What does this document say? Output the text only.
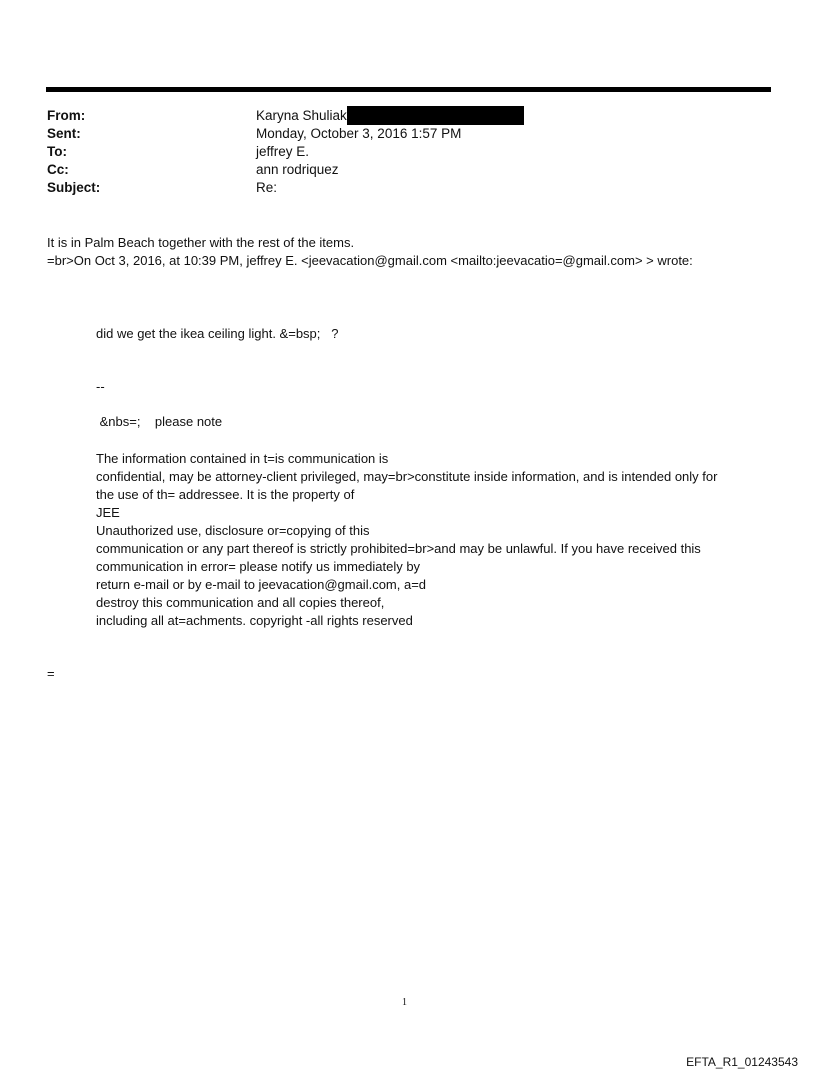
From:	Karyna Shuliak
Sent:	Monday, October 3, 2016 1:57 PM
To:	jeffrey E.
Cc:	ann rodriquez
Subject:	Re:
It is in Palm Beach together with the rest of the items.
=br>On Oct 3, 2016, at 10:39 PM, jeffrey E. <jeevacation@gmail.com <mailto:jeevacatio=@gmail.com> > wrote:
did we get the ikea ceiling light. &=bsp;   ?
--
&nbs=;    please note
The information contained in t=is communication is
confidential, may be attorney-client privileged, may=br>constitute inside information, and is intended only for
the use of th= addressee. It is the property of
JEE
Unauthorized use, disclosure or=copying of this
communication or any part thereof is strictly prohibited=br>and may be unlawful. If you have received this
communication in error= please notify us immediately by
return e-mail or by e-mail to jeevacation@gmail.com, a=d
destroy this communication and all copies thereof,
including all at=achments. copyright -all rights reserved
=
1
EFTA_R1_01243543
